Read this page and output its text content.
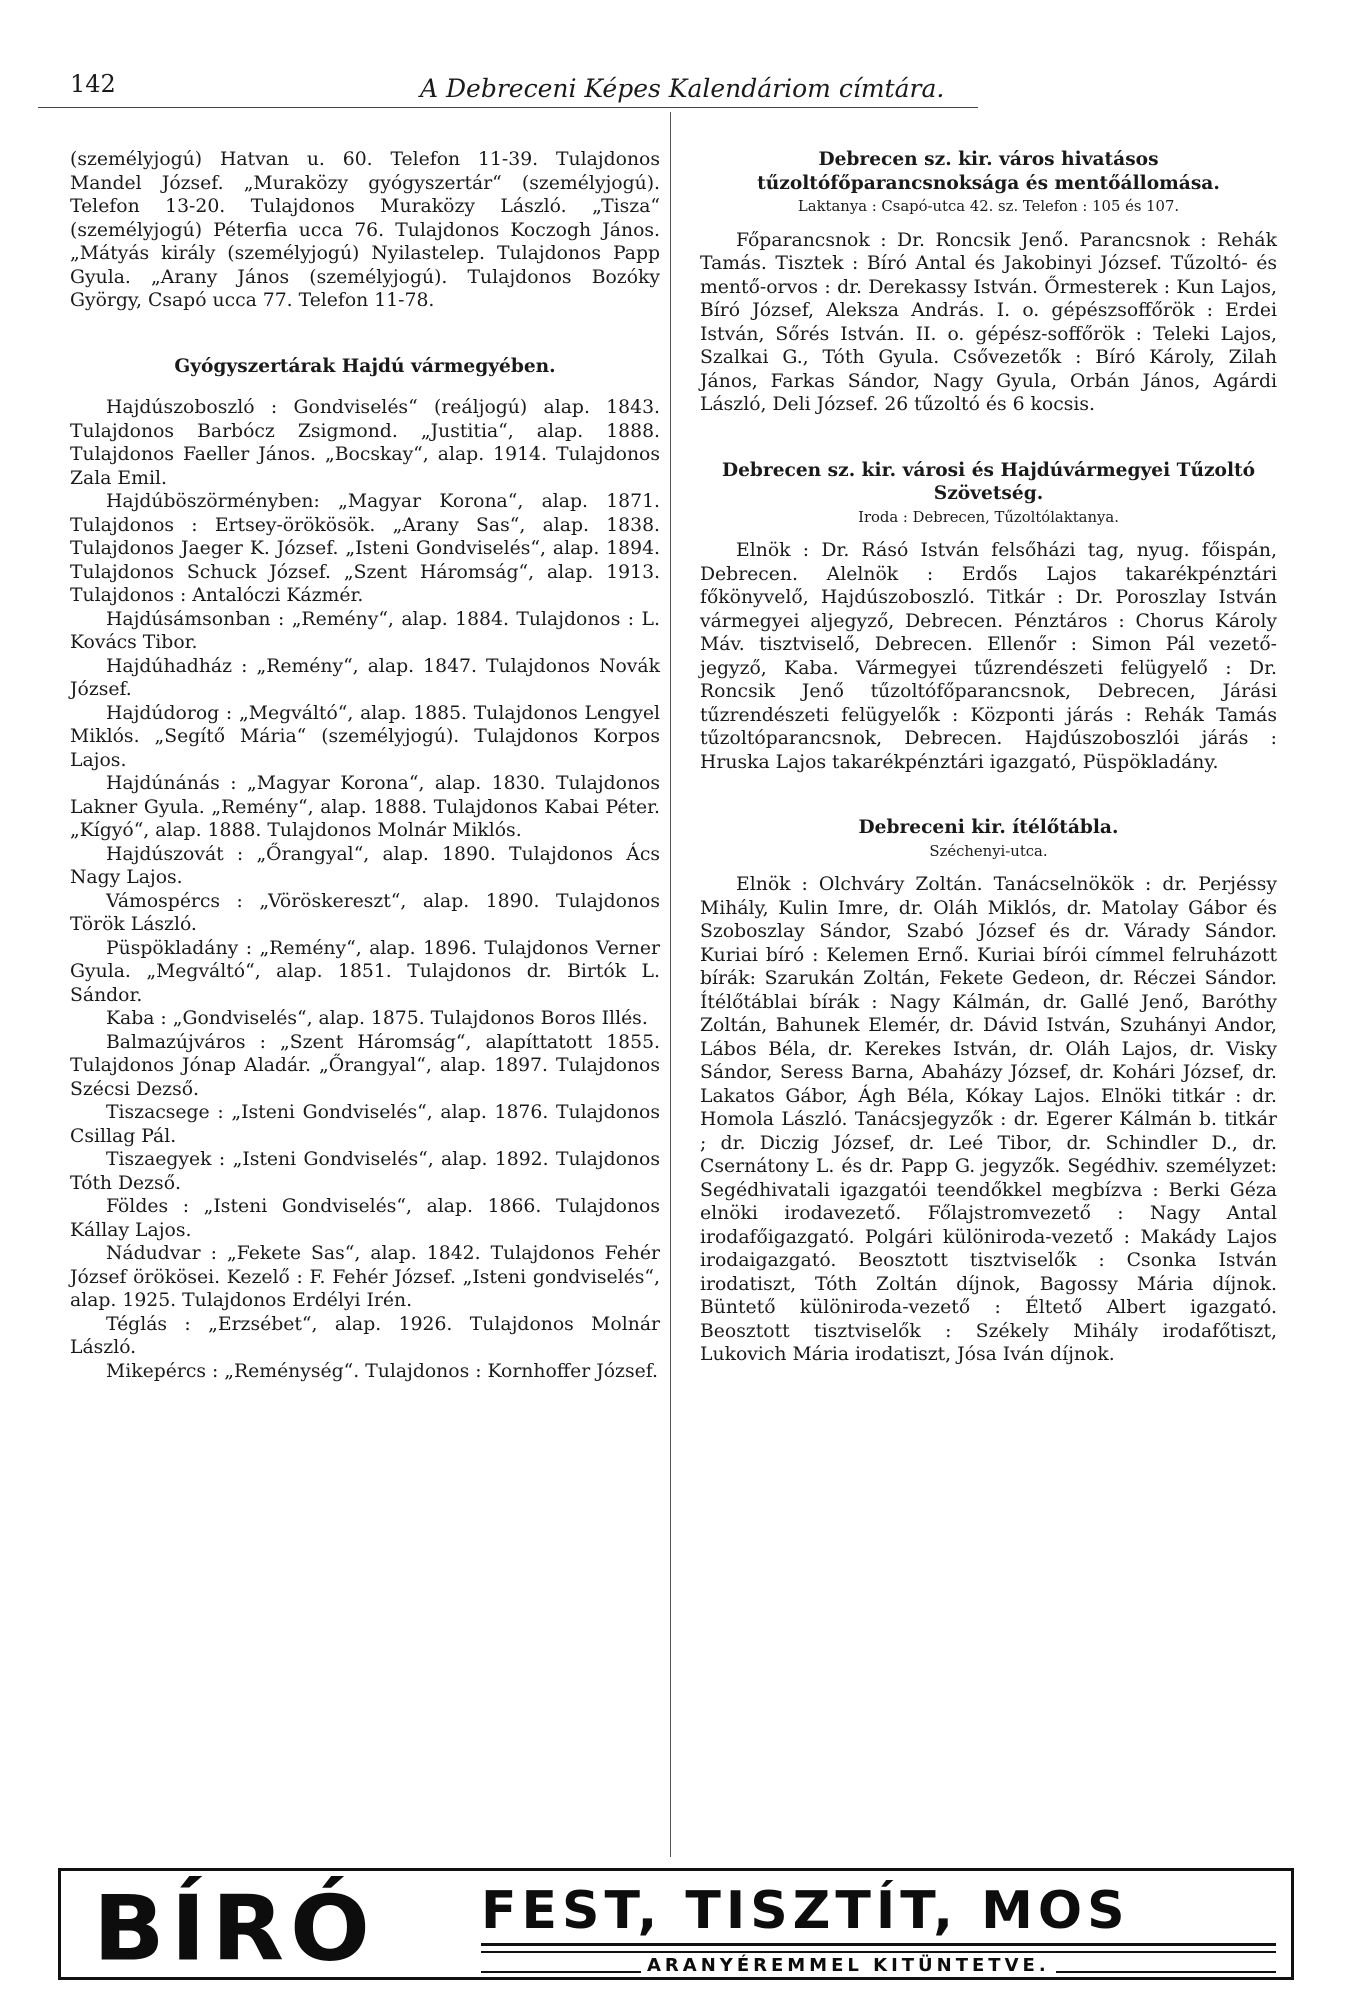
142	A Debreceni Képes Kalendáriom címtára.

(személyjogú) Hatvan u. 60. Telefon 11-39. Tulajdonos Mandel József. „Muraközy gyógyszertár“ (személyjogú). Telefon 13-20. Tulajdonos Muraközy László. „Tisza“ (személyjogú) Péterfia ucca 76. Tulajdonos Koczogh János. „Mátyás király (személyjogú) Nyilastelep. Tulajdonos Papp Gyula. „Arany János (személyjogú). Tulajdonos Bozóky György, Csapó ucca 77. Telefon 11-78.

Gyógyszertárak Hajdú vármegyében.

Hajdúszoboszló : Gondviselés“ (reáljogú) alap. 1843. Tulajdonos Barbócz Zsigmond. „Justitia“, alap. 1888. Tulajdonos Faeller János. „Bocskay“, alap. 1914. Tulajdonos Zala Emil.

Hajdúböszörményben: „Magyar Korona“, alap. 1871. Tulajdonos : Ertsey-örökösök. „Arany Sas“, alap. 1838. Tulajdonos Jaeger K. József. „Isteni Gondviselés“, alap. 1894. Tulajdonos Schuck József. „Szent Háromság“, alap. 1913. Tulajdonos : Antalóczi Kázmér.

Hajdúsámsonban : „Remény“, alap. 1884. Tulajdonos : L. Kovács Tibor.

Hajdúhadház : „Remény“, alap. 1847. Tulajdonos Novák József.

Hajdúdorog : „Megváltó“, alap. 1885. Tulajdonos Lengyel Miklós. „Segítő Mária“ (személyjogú). Tulajdonos Korpos Lajos.

Hajdúnánás : „Magyar Korona“, alap. 1830. Tulajdonos Lakner Gyula. „Remény“, alap. 1888. Tulajdonos Kabai Péter. „Kígyó“, alap. 1888. Tulajdonos Molnár Miklós.

Hajdúszovát : „Őrangyal“, alap. 1890. Tulajdonos Ács Nagy Lajos.

Vámospércs : „Vöröskereszt“, alap. 1890. Tulajdonos Török László.

Püspökladány : „Remény“, alap. 1896. Tulajdonos Verner Gyula. „Megváltó“, alap. 1851. Tulajdonos dr. Birtók L. Sándor.

Kaba : „Gondviselés“, alap. 1875. Tulajdonos Boros Illés.

Balmazújváros : „Szent Háromság“, alapíttatott 1855. Tulajdonos Jónap Aladár. „Őrangyal“, alap. 1897. Tulajdonos Szécsi Dezső.

Tiszacsege : „Isteni Gondviselés“, alap. 1876. Tulajdonos Csillag Pál.

Tiszaegyek : „Isteni Gondviselés“, alap. 1892. Tulajdonos Tóth Dezső.

Földes : „Isteni Gondviselés“, alap. 1866. Tulajdonos Kállay Lajos.

Nádudvar : „Fekete Sas“, alap. 1842. Tulajdonos Fehér József örökösei. Kezelő : F. Fehér József. „Isteni gondviselés“, alap. 1925. Tulajdonos Erdélyi Irén.

Téglás : „Erzsébet“, alap. 1926. Tulajdonos Molnár László.

Mikepércs : „Reménység“. Tulajdonos : Kornhoffer József.

Debrecen sz. kir. város hivatásos tűzoltófőparancsnoksága és mentőállomása.

Laktanya : Csapó-utca 42. sz. Telefon : 105 és 107.

Főparancsnok : Dr. Roncsik Jenő. Parancsnok : Rehák Tamás. Tisztek : Bíró Antal és Jakobinyi József. Tűzoltó- és mentő-orvos : dr. Derekassy István. Őrmesterek : Kun Lajos, Bíró József, Aleksza András. I. o. gépészsoffőrök : Erdei István, Sőrés István. II. o. gépész-soffőrök : Teleki Lajos, Szalkai G., Tóth Gyula. Csővezetők : Bíró Károly, Zilah János, Farkas Sándor, Nagy Gyula, Orbán János, Agárdi László, Deli József. 26 tűzoltó és 6 kocsis.

Debrecen sz. kir. városi és Hajdúvármegyei Tűzoltó Szövetség.

Iroda : Debrecen, Tűzoltólaktanya.

Elnök : Dr. Rásó István felsőházi tag, nyug. főispán, Debrecen. Alelnök : Erdős Lajos takarékpénztári főkönyvelő, Hajdúszoboszló. Titkár : Dr. Poroszlay István vármegyei aljegyző, Debrecen. Pénztáros : Chorus Károly Máv. tisztviselő, Debrecen. Ellenőr : Simon Pál vezető-jegyző, Kaba. Vármegyei tűzrendészeti felügyelő : Dr. Roncsik Jenő tűzoltófőparancsnok, Debrecen, Járási tűzrendészeti felügyelők : Központi járás : Rehák Tamás tűzoltóparancsnok, Debrecen. Hajdúszoboszlói járás : Hruska Lajos takarékpénztári igazgató, Püspökladány.

Debreceni kir. ítélőtábla.

Széchenyi-utca.

Elnök : Olchváry Zoltán. Tanácselnökök : dr. Perjéssy Mihály, Kulin Imre, dr. Oláh Miklós, dr. Matolay Gábor és Szoboszlay Sándor, Szabó József és dr. Várady Sándor. Kuriai bíró : Kelemen Ernő. Kuriai bírói címmel felruházott bírák: Szarukán Zoltán, Fekete Gedeon, dr. Réczei Sándor. Ítélőtáblai bírák : Nagy Kálmán, dr. Gallé Jenő, Baróthy Zoltán, Bahunek Elemér, dr. Dávid István, Szuhányi Andor, Lábos Béla, dr. Kerekes István, dr. Oláh Lajos, dr. Visky Sándor, Seress Barna, Abaházy József, dr. Kohári József, dr. Lakatos Gábor, Ágh Béla, Kókay Lajos. Elnöki titkár : dr. Homola László. Tanácsjegyzők : dr. Egerer Kálmán b. titkár ; dr. Diczig József, dr. Leé Tibor, dr. Schindler D., dr. Csernátony L. és dr. Papp G. jegyzők. Segédhiv. személyzet: Segédhivatali igazgatói teendőkkel megbízva : Berki Géza elnöki irodavezető. Főlajstromvezető : Nagy Antal irodafőigazgató. Polgári különiroda-vezető : Makády Lajos irodaigazgató. Beosztott tisztviselők : Csonka István irodatiszt, Tóth Zoltán díjnok, Bagossy Mária díjnok. Büntető különiroda-vezető : Éltető Albert igazgató. Beosztott tisztviselők : Székely Mihály irodafőtiszt, Lukovich Mária irodatiszt, Jósa Iván díjnok.

BÍRÓ FEST, TISZTÍT, MOS
ARANYÉREMMEL KITÜNTETVE.
